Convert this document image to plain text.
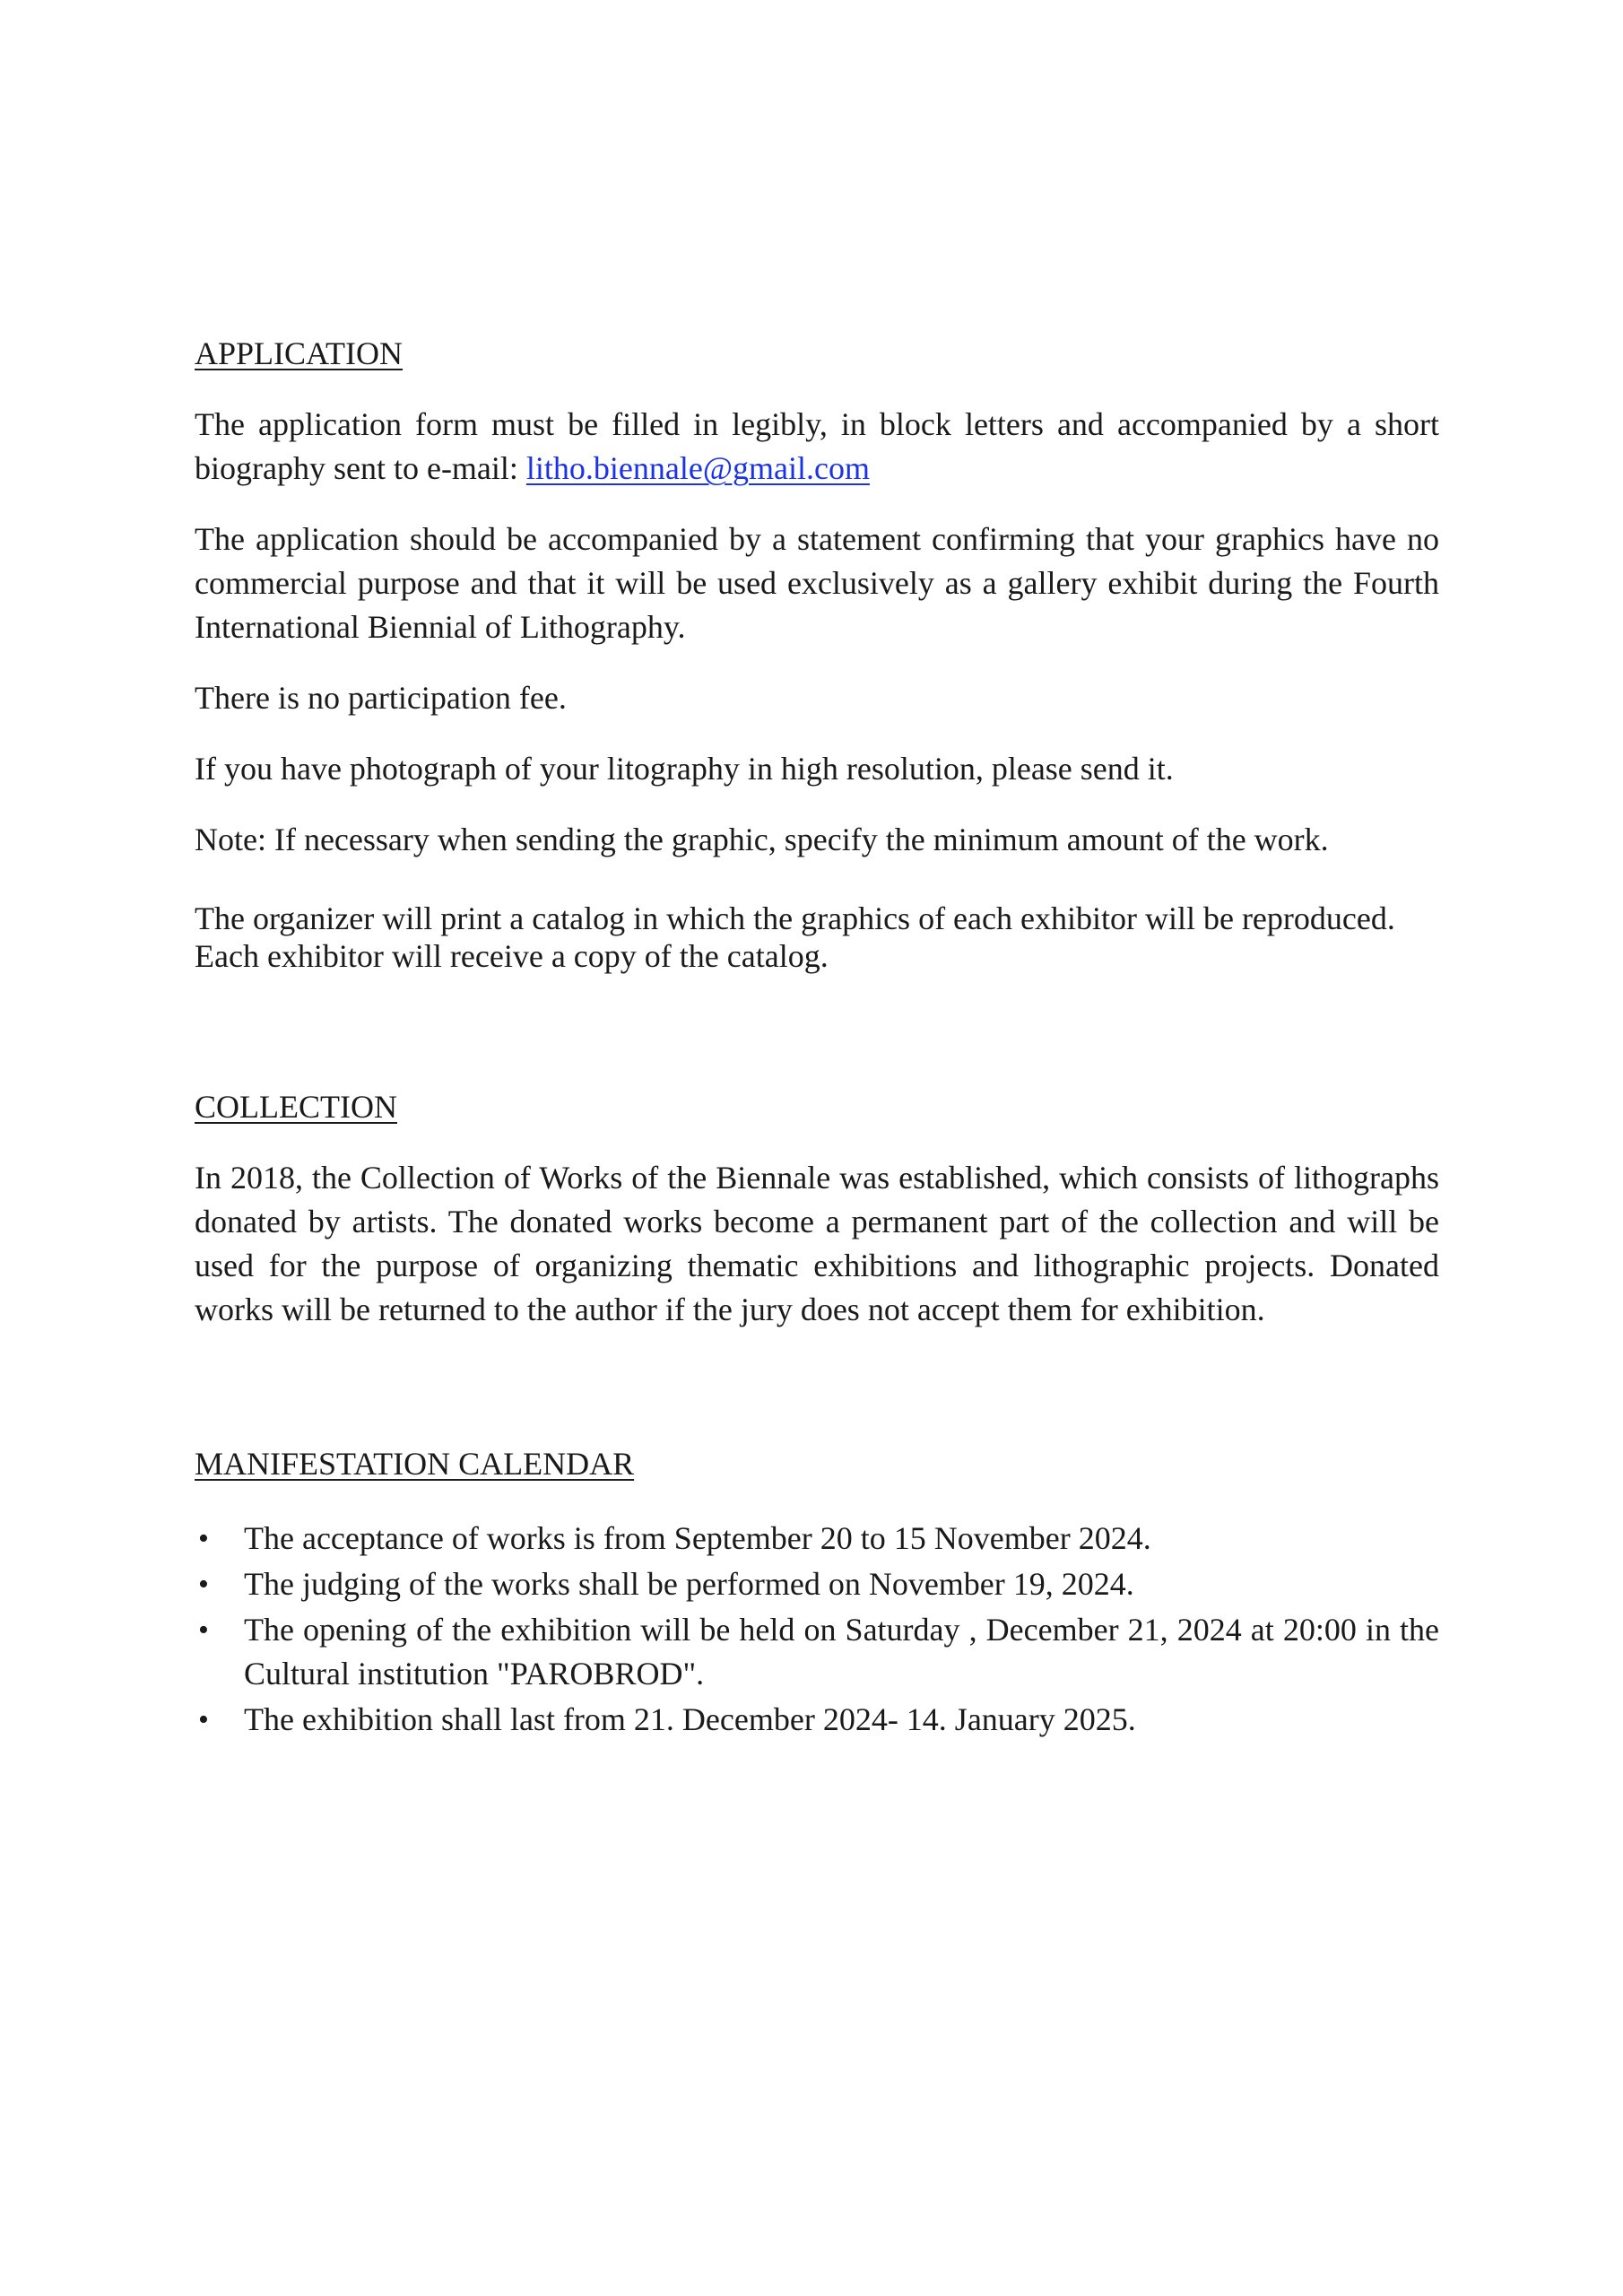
APPLICATION

The application form must be filled in legibly, in block letters and accompanied by a short biography sent to e-mail: litho.biennale@gmail.com

The application should be accompanied by a statement confirming that your graphics have no commercial purpose and that it will be used exclusively as a gallery exhibit during the Fourth International Biennial of Lithography.

There is no participation fee.

If you have photograph of your litography in high resolution, please send it.

Note: If necessary when sending the graphic, specify the minimum amount of the work.

The organizer will print a catalog in which the graphics of each exhibitor will be reproduced. Each exhibitor will receive a copy of the catalog.

COLLECTION

In 2018, the Collection of Works of the Biennale was established, which consists of lithographs donated by artists. The donated works become a permanent part of the collection and will be used for the purpose of organizing thematic exhibitions and lithographic projects. Donated works will be returned to the author if the jury does not accept them for exhibition.

MANIFESTATION CALENDAR
• The acceptance of works is from September 20 to 15 November 2024.
• The judging of the works shall be performed on November 19, 2024.
• The opening of the exhibition will be held on Saturday , December 21, 2024 at 20:00 in the Cultural institution "PAROBROD".
• The exhibition shall last from 21. December 2024- 14. January 2025.
